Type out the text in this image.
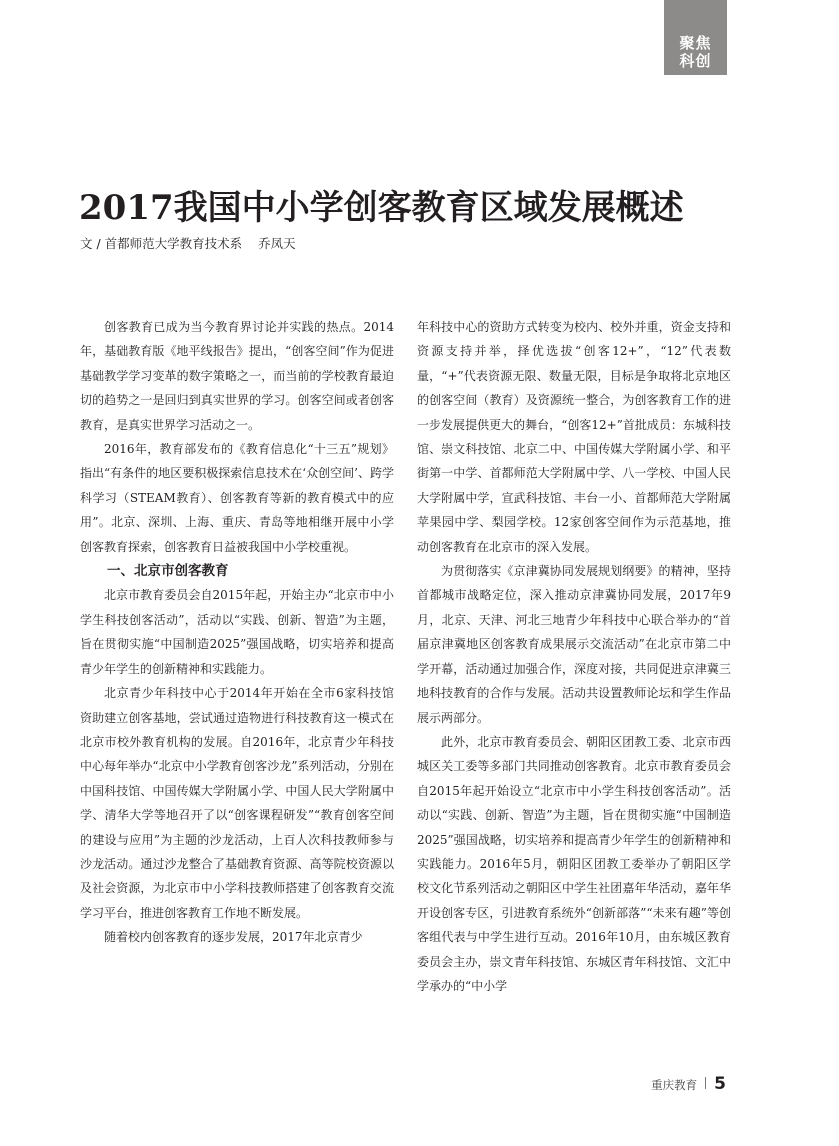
聚焦
科创
2017我国中小学创客教育区域发展概述
文 / 首都师范大学教育技术系 乔凤天

创客教育已成为当今教育界讨论并实践的热点。2014年，基础教育版《地平线报告》提出，“创客空间”作为促进基础教学学习变革的数字策略之一，而当前的学校教育最迫切的趋势之一是回归到真实世界的学习。创客空间或者创客教育，是真实世界学习活动之一。

2016年，教育部发布的《教育信息化“十三五”规划》指出“有条件的地区要积极探索信息技术在‘众创空间’、跨学科学习（STEAM教育）、创客教育等新的教育模式中的应用”。北京、深圳、上海、重庆、青岛等地相继开展中小学创客教育探索，创客教育日益被我国中小学校重视。

一、北京市创客教育

北京市教育委员会自2015年起，开始主办“北京市中小学生科技创客活动”，活动以“实践、创新、智造”为主题，旨在贯彻实施“中国制造2025”强国战略，切实培养和提高青少年学生的创新精神和实践能力。

北京青少年科技中心于2014年开始在全市6家科技馆资助建立创客基地，尝试通过造物进行科技教育这一模式在北京市校外教育机构的发展。自2016年，北京青少年科技中心每年举办“北京中小学教育创客沙龙”系列活动，分别在中国科技馆、中国传媒大学附属小学、中国人民大学附属中学、清华大学等地召开了以“创客课程研发”“教育创客空间的建设与应用”为主题的沙龙活动，上百人次科技教师参与沙龙活动。通过沙龙整合了基础教育资源、高等院校资源以及社会资源，为北京市中小学科技教师搭建了创客教育交流学习平台，推进创客教育工作地不断发展。

随着校内创客教育的逐步发展，2017年北京青少

年科技中心的资助方式转变为校内、校外并重，资金支持和资源支持并举，择优选拔“创客12+”，“12”代表数量，“+”代表资源无限、数量无限，目标是争取将北京地区的创客空间（教育）及资源统一整合，为创客教育工作的进一步发展提供更大的舞台，“创客12+”首批成员：东城科技馆、崇文科技馆、北京二中、中国传媒大学附属小学、和平街第一中学、首都师范大学附属中学、八一学校、中国人民大学附属中学，宣武科技馆、丰台一小、首都师范大学附属苹果园中学、梨园学校。12家创客空间作为示范基地，推动创客教育在北京市的深入发展。

为贯彻落实《京津冀协同发展规划纲要》的精神，坚持首都城市战略定位，深入推动京津冀协同发展，2017年9月，北京、天津、河北三地青少年科技中心联合举办的“首届京津冀地区创客教育成果展示交流活动”在北京市第二中学开幕，活动通过加强合作，深度对接，共同促进京津冀三地科技教育的合作与发展。活动共设置教师论坛和学生作品展示两部分。

此外，北京市教育委员会、朝阳区团教工委、北京市西城区关工委等多部门共同推动创客教育。北京市教育委员会自2015年起开始设立“北京市中小学生科技创客活动”。活动以“实践、创新、智造”为主题，旨在贯彻实施“中国制造2025”强国战略，切实培养和提高青少年学生的创新精神和实践能力。2016年5月，朝阳区团教工委举办了朝阳区学校文化节系列活动之朝阳区中学生社团嘉年华活动，嘉年华开设创客专区，引进教育系统外“创新部落”“未来有趣”等创客组代表与中学生进行互动。2016年10月，由东城区教育委员会主办，崇文青年科技馆、东城区青年科技馆、文汇中学承办的“中小学

重庆教育 5
